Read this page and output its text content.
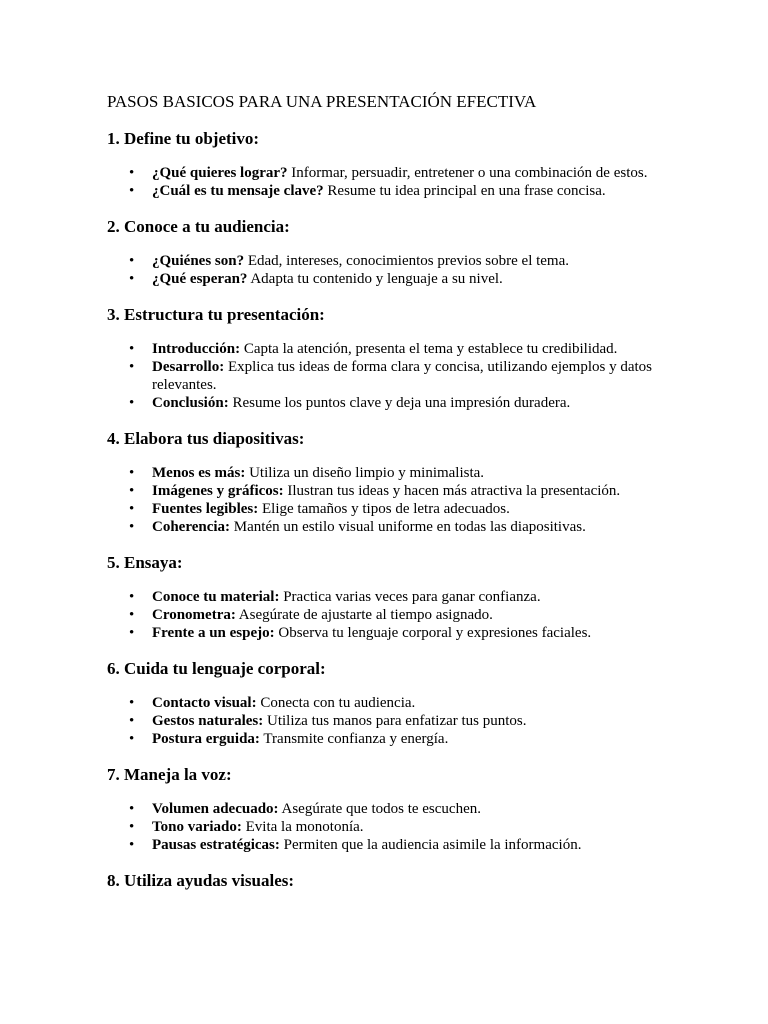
PASOS BASICOS PARA UNA PRESENTACIÓN EFECTIVA
1. Define tu objetivo:
• ¿Qué quieres lograr? Informar, persuadir, entretener o una combinación de estos.
• ¿Cuál es tu mensaje clave? Resume tu idea principal en una frase concisa.
2. Conoce a tu audiencia:
• ¿Quiénes son? Edad, intereses, conocimientos previos sobre el tema.
• ¿Qué esperan? Adapta tu contenido y lenguaje a su nivel.
3. Estructura tu presentación:
• Introducción: Capta la atención, presenta el tema y establece tu credibilidad.
• Desarrollo: Explica tus ideas de forma clara y concisa, utilizando ejemplos y datos relevantes.
• Conclusión: Resume los puntos clave y deja una impresión duradera.
4. Elabora tus diapositivas:
• Menos es más: Utiliza un diseño limpio y minimalista.
• Imágenes y gráficos: Ilustran tus ideas y hacen más atractiva la presentación.
• Fuentes legibles: Elige tamaños y tipos de letra adecuados.
• Coherencia: Mantén un estilo visual uniforme en todas las diapositivas.
5. Ensaya:
• Conoce tu material: Practica varias veces para ganar confianza.
• Cronometra: Asegúrate de ajustarte al tiempo asignado.
• Frente a un espejo: Observa tu lenguaje corporal y expresiones faciales.
6. Cuida tu lenguaje corporal:
• Contacto visual: Conecta con tu audiencia.
• Gestos naturales: Utiliza tus manos para enfatizar tus puntos.
• Postura erguida: Transmite confianza y energía.
7. Maneja la voz:
• Volumen adecuado: Asegúrate que todos te escuchen.
• Tono variado: Evita la monotonía.
• Pausas estratégicas: Permiten que la audiencia asimile la información.
8. Utiliza ayudas visuales:
